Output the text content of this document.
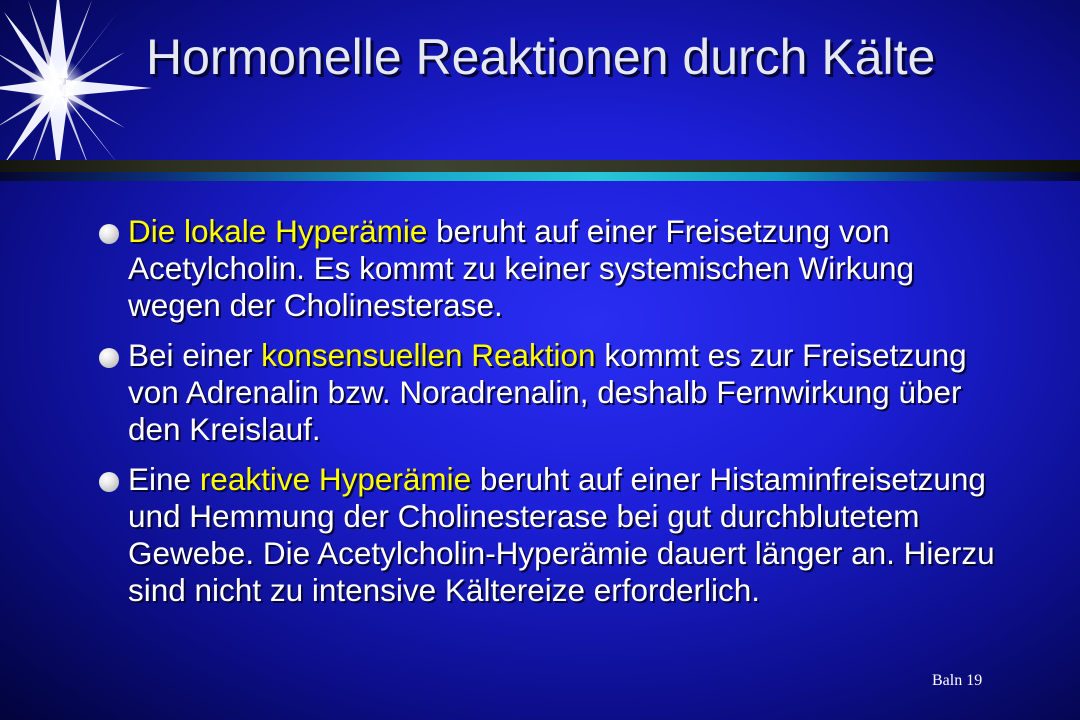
Hormonelle Reaktionen durch Kälte
Die lokale Hyperämie beruht auf einer Freisetzung von Acetylcholin. Es kommt zu keiner systemischen Wirkung wegen der Cholinesterase.
Bei einer konsensuellen Reaktion kommt es zur Freisetzung von Adrenalin bzw. Noradrenalin, deshalb Fernwirkung über den Kreislauf.
Eine reaktive Hyperämie beruht auf einer Histaminfreisetzung und Hemmung der Cholinesterase bei gut durchblutetem Gewebe. Die Acetylcholin-Hyperämie dauert länger an. Hierzu sind nicht zu intensive Kältereize erforderlich.
Baln 19
